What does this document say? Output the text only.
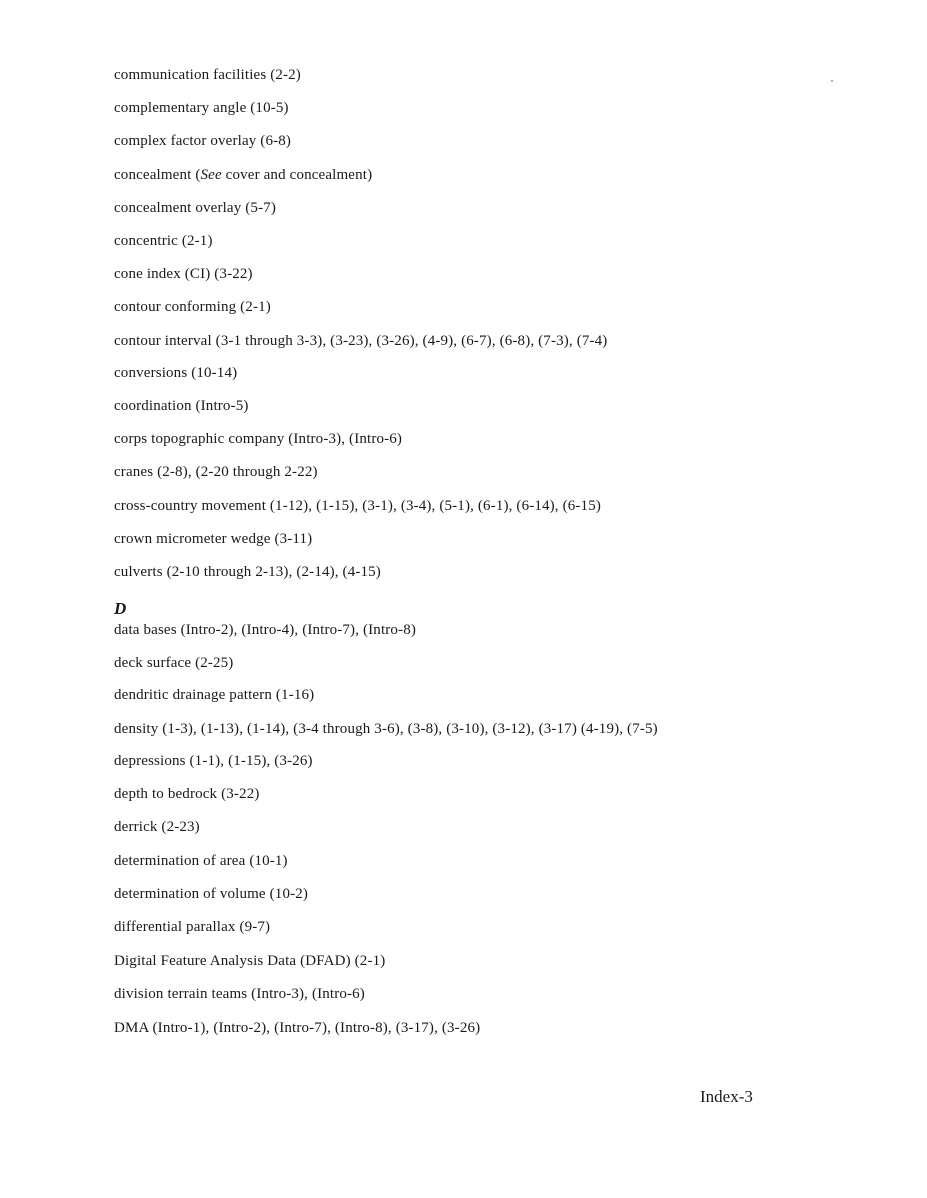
communication facilities (2-2)
complementary angle (10-5)
complex factor overlay (6-8)
concealment (See cover and concealment)
concealment overlay (5-7)
concentric (2-1)
cone index (CI) (3-22)
contour conforming (2-1)
contour interval (3-1 through 3-3), (3-23), (3-26), (4-9), (6-7), (6-8), (7-3), (7-4)
conversions (10-14)
coordination (Intro-5)
corps topographic company (Intro-3), (Intro-6)
cranes (2-8), (2-20 through 2-22)
cross-country movement (1-12), (1-15), (3-1), (3-4), (5-1), (6-1), (6-14), (6-15)
crown micrometer wedge (3-11)
culverts (2-10 through 2-13), (2-14), (4-15)
D
data bases (Intro-2), (Intro-4), (Intro-7), (Intro-8)
deck surface (2-25)
dendritic drainage pattern (1-16)
density (1-3), (1-13), (1-14), (3-4 through 3-6), (3-8), (3-10), (3-12), (3-17) (4-19), (7-5)
depressions (1-1), (1-15), (3-26)
depth to bedrock (3-22)
derrick (2-23)
determination of area (10-1)
determination of volume (10-2)
differential parallax (9-7)
Digital Feature Analysis Data (DFAD) (2-1)
division terrain teams (Intro-3), (Intro-6)
DMA (Intro-1), (Intro-2), (Intro-7), (Intro-8), (3-17), (3-26)
Index-3
